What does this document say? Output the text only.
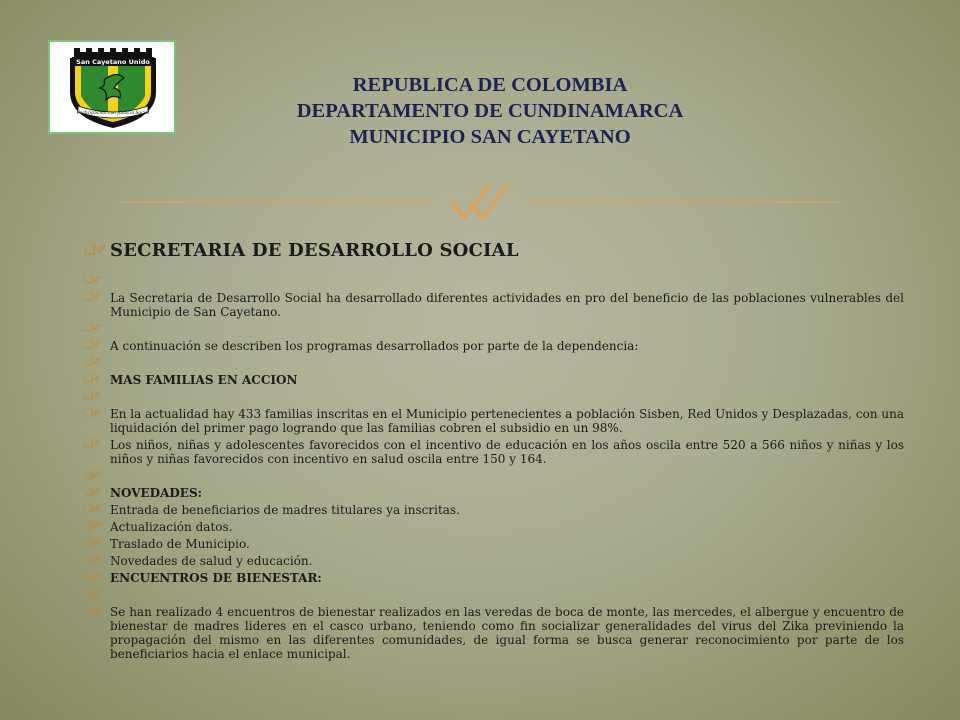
San Cayetano Unido
Participación con Justicia Social
REPUBLICA DE COLOMBIA
DEPARTAMENTO DE CUNDINAMARCA
MUNICIPIO SAN CAYETANO
❑✐ SECRETARIA DE DESARROLLO SOCIAL
❑✐
❑✐ La Secretaria de Desarrollo Social ha desarrollado diferentes actividades en pro del beneficio de las poblaciones vulnerables del Municipio de San Cayetano.
❑✐
❑✐ A continuación se describen los programas desarrollados por parte de la dependencia:
❑✐
❑✐ MAS FAMILIAS EN ACCION
❑✐
❑✐ En la actualidad hay 433 familias inscritas en el Municipio pertenecientes a población Sisben, Red Unidos y Desplazadas, con una liquidación del primer pago logrando que las familias cobren el subsidio en un 98%.
❑✐ Los niños, niñas y adolescentes favorecidos con el incentivo de educación en los años oscila entre 520 a 566 niños y niñas y los niños y niñas favorecidos con incentivo en salud oscila entre 150 y 164.
❑✐
❑✐ NOVEDADES:
❑✐ Entrada de beneficiarios de madres titulares ya inscritas.
❑✐ Actualización datos.
❑✐ Traslado de Municipio.
❑✐ Novedades de salud y educación.
❑✐ ENCUENTROS DE BIENESTAR:
❑✐
❑✐ Se han realizado 4 encuentros de bienestar realizados en las veredas de boca de monte, las mercedes, el albergue y encuentro de bienestar de madres lideres en el casco urbano, teniendo como fin socializar generalidades del virus del Zika previniendo la propagación del mismo en las diferentes comunidades, de igual forma se busca generar reconocimiento por parte de los beneficiarios hacia el enlace municipal.
